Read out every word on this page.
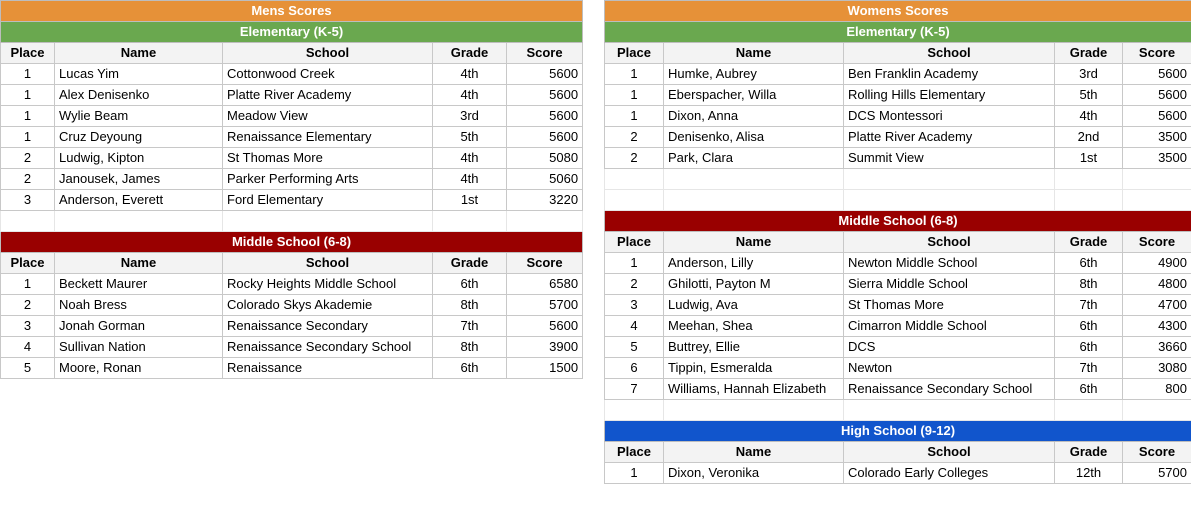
Mens Scores				
Elementary (K-5)				
Place	Name	School	Grade	Score
1	Lucas Yim	Cottonwood Creek	4th	5600
1	Alex Denisenko	Platte River Academy	4th	5600
1	Wylie Beam	Meadow View	3rd	5600
1	Cruz Deyoung	Renaissance Elementary	5th	5600
2	Ludwig, Kipton	St Thomas More	4th	5080
2	Janousek, James	Parker Performing Arts	4th	5060
3	Anderson, Everett	Ford Elementary	1st	3220

Middle School (6-8)				
Place	Name	School	Grade	Score
1	Beckett Maurer	Rocky Heights Middle School	6th	6580
2	Noah Bress	Colorado Skys Akademie	8th	5700
3	Jonah Gorman	Renaissance Secondary	7th	5600
4	Sullivan Nation	Renaissance Secondary School	8th	3900
5	Moore, Ronan	Renaissance	6th	1500
Womens Scores				
Elementary (K-5)				
Place	Name	School	Grade	Score
1	Humke, Aubrey	Ben Franklin Academy	3rd	5600
1	Eberspacher, Willa	Rolling Hills Elementary	5th	5600
1	Dixon, Anna	DCS Montessori	4th	5600
2	Denisenko, Alisa	Platte River Academy	2nd	3500
2	Park, Clara	Summit View	1st	3500

Middle School (6-8)				
Place	Name	School	Grade	Score
1	Anderson, Lilly	Newton Middle School	6th	4900
2	Ghilotti, Payton M	Sierra Middle School	8th	4800
3	Ludwig, Ava	St Thomas More	7th	4700
4	Meehan, Shea	Cimarron Middle School	6th	4300
5	Buttrey, Ellie	DCS	6th	3660
6	Tippin, Esmeralda	Newton	7th	3080
7	Williams, Hannah Elizabeth	Renaissance Secondary School	6th	800

High School (9-12)				
Place	Name	School	Grade	Score
1	Dixon, Veronika	Colorado Early Colleges	12th	5700
